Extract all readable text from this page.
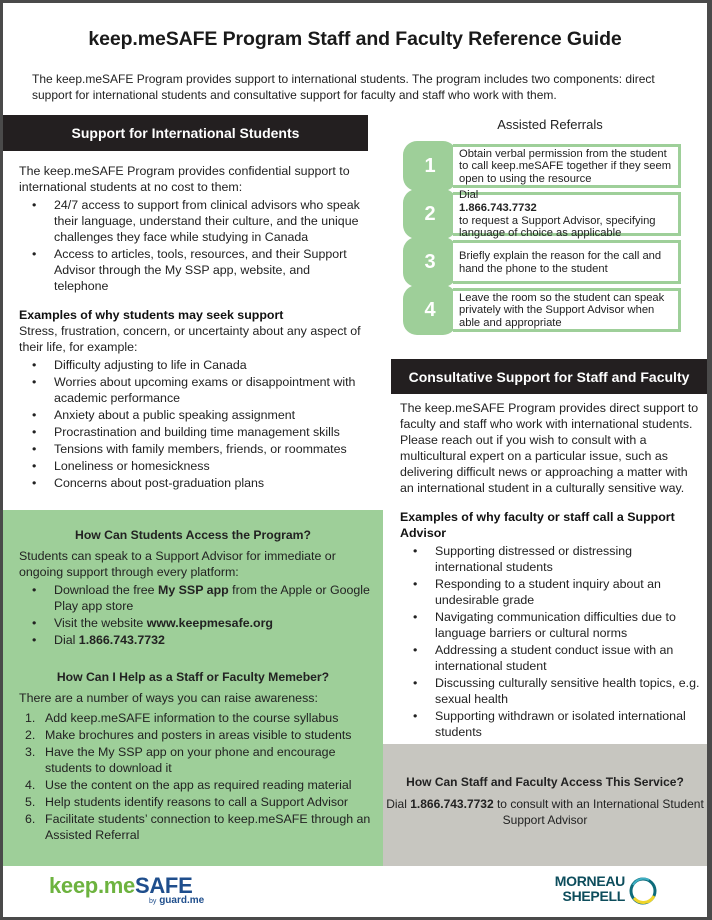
keep.meSAFE Program Staff and Faculty Reference Guide

The keep.meSAFE Program provides support to international students. The program includes two components: direct support for international students and consultative support for faculty and staff who work with them.

Support for International Students

The keep.meSAFE Program provides confidential support to international students at no cost to them:

• 24/7 access to support from clinical advisors who speak their language, understand their culture, and the unique challenges they face while studying in Canada
• Access to articles, tools, resources, and their Support Advisor through the My SSP app, website, and telephone

Examples of why students may seek support

Stress, frustration, concern, or uncertainty about any aspect of their life, for example:

• Difficulty adjusting to life in Canada
• Worries about upcoming exams or disappointment with academic performance
• Anxiety about a public speaking assignment
• Procrastination and building time management skills
• Tensions with family members, friends, or roommates
• Loneliness or homesickness
• Concerns about post-graduation plans
How Can Students Access the Program?

Students can speak to a Support Advisor for immediate or ongoing support through every platform:

• Download the free My SSP app from the Apple or Google Play app store
• Visit the website www.keepmesafe.org
• Dial 1.866.743.7732
How Can I Help as a Staff or Faculty Memeber?

There are a number of ways you can raise awareness:

1. Add keep.meSAFE information to the course syllabus
2. Make brochures and posters in areas visible to students
3. Have the My SSP app on your phone and encourage students to download it
4. Use the content on the app as required reading material
5. Help students identify reasons to call a Support Advisor
6. Facilitate students’ connection to keep.meSAFE through an Assisted Referral
Assisted Referrals
1
Obtain verbal permission from the student to call keep.meSAFE together if they seem open to using the resource
2
Dial
1.866.743.7732
to request a Support Advisor, specifying language of choice as applicable
3	Briefly explain the reason for the call and hand the phone to the student
4
Leave the room so the student can speak privately with the Support Advisor when able and appropriate
Consultative Support for Staff and Faculty

The keep.meSAFE Program provides direct support to faculty and staff who work with international students. Please reach out if you wish to consult with a multicultural expert on a particular issue, such as delivering difficult news or approaching a matter with an international student in a culturally sensitive way.

Examples of why faculty or staff call a Support Advisor

• Supporting distressed or distressing international students
• Responding to a student inquiry about an undesirable grade
• Navigating communication difficulties due to language barriers or cultural norms
• Addressing a student conduct issue with an international student
• Discussing culturally sensitive health topics, e.g. sexual health
• Supporting withdrawn or isolated international students
How Can Staff and Faculty Access This Service?
Dial 1.866.743.7732 to consult with an International Student Support Advisor
keep.meSAFE
by guard.me
MORNEAU
SHEPELL
